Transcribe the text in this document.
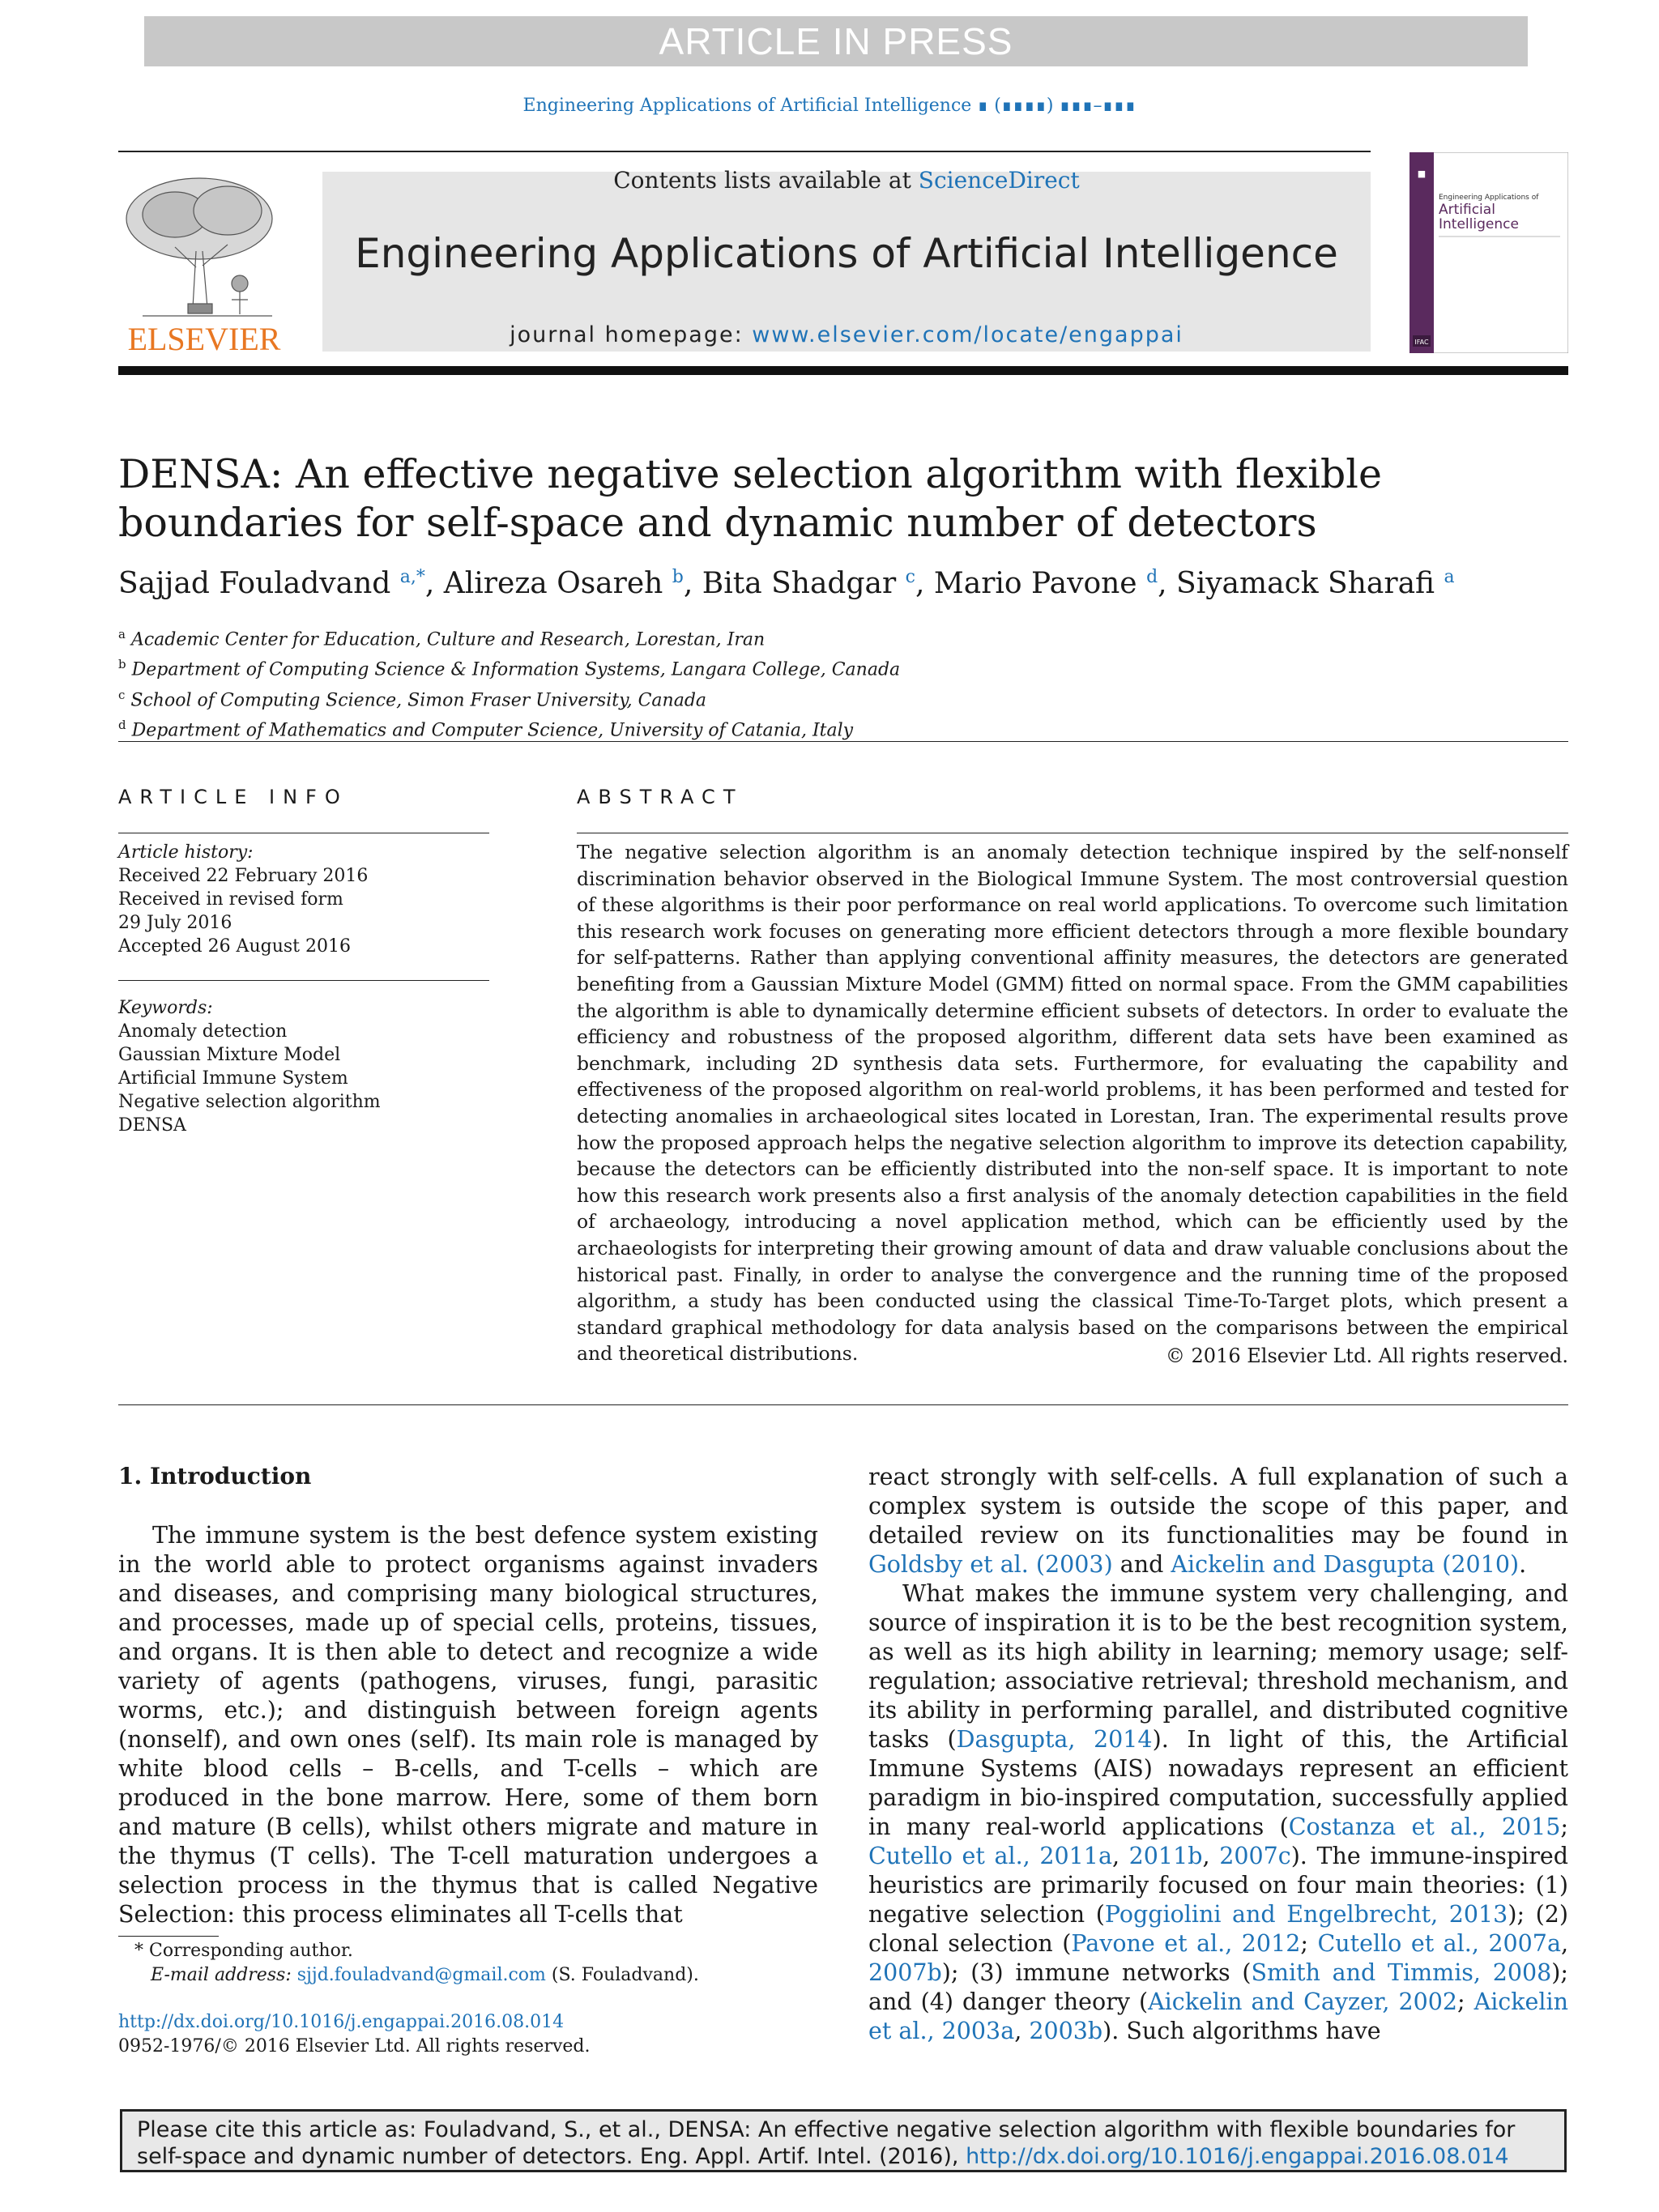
ARTICLE IN PRESS
Engineering Applications of Artificial Intelligence ∎ (∎∎∎∎) ∎∎∎–∎∎∎
ELSEVIER
Contents lists available at ScienceDirect
Engineering Applications of Artificial Intelligence
journal homepage: www.elsevier.com/locate/engappai
■
Engineering Applications of
Artificial
Intelligence
IFAC
DENSA: An effective negative selection algorithm with flexible boundaries for self-space and dynamic number of detectors
Sajjad Fouladvand $^{a,*}$, Alireza Osareh $^b$, Bita Shadgar $^c$, Mario Pavone $^d$, Siyamack Sharafi $^a$
$^a$ Academic Center for Education, Culture and Research, Lorestan, Iran
$^b$ Department of Computing Science & Information Systems, Langara College, Canada
$^c$ School of Computing Science, Simon Fraser University, Canada
$^d$ Department of Mathematics and Computer Science, University of Catania, Italy
ARTICLE INFO
Article history:
Received 22 February 2016
Received in revised form
29 July 2016
Accepted 26 August 2016
Keywords:
Anomaly detection
Gaussian Mixture Model
Artificial Immune System
Negative selection algorithm
DENSA
ABSTRACT
The negative selection algorithm is an anomaly detection technique inspired by the self-nonself discrimination behavior observed in the Biological Immune System. The most controversial question of these algorithms is their poor performance on real world applications. To overcome such limitation this research work focuses on generating more efficient detectors through a more flexible boundary for self-patterns. Rather than applying conventional affinity measures, the detectors are generated benefiting from a Gaussian Mixture Model (GMM) fitted on normal space. From the GMM capabilities the algorithm is able to dynamically determine efficient subsets of detectors. In order to evaluate the efficiency and robustness of the proposed algorithm, different data sets have been examined as benchmark, including 2D synthesis data sets. Furthermore, for evaluating the capability and effectiveness of the proposed algorithm on real-world problems, it has been performed and tested for detecting anomalies in archaeological sites located in Lorestan, Iran. The experimental results prove how the proposed approach helps the negative selection algorithm to improve its detection capability, because the detectors can be efficiently distributed into the non-self space. It is important to note how this research work presents also a first analysis of the anomaly detection capabilities in the field of archaeology, introducing a novel application method, which can be efficiently used by the archaeologists for interpreting their growing amount of data and draw valuable conclusions about the historical past. Finally, in order to analyse the convergence and the running time of the proposed algorithm, a study has been conducted using the classical Time-To-Target plots, which present a standard graphical methodology for data analysis based on the comparisons between the empirical and theoretical distributions.	© 2016 Elsevier Ltd. All rights reserved.
1. Introduction
The immune system is the best defence system existing in the world able to protect organisms against invaders and diseases, and comprising many biological structures, and processes, made up of special cells, proteins, tissues, and organs. It is then able to detect and recognize a wide variety of agents (pathogens, viruses, fungi, parasitic worms, etc.); and distinguish between foreign agents (nonself), and own ones (self). Its main role is managed by white blood cells – B-cells, and T-cells – which are produced in the bone marrow. Here, some of them born and mature (B cells), whilst others migrate and mature in the thymus (T cells). The T-cell maturation undergoes a selection process in the thymus that is called Negative Selection: this process eliminates all T-cells that
react strongly with self-cells. A full explanation of such a complex system is outside the scope of this paper, and detailed review on its functionalities may be found in Goldsby et al. (2003) and Aickelin and Dasgupta (2010).
What makes the immune system very challenging, and source of inspiration it is to be the best recognition system, as well as its high ability in learning; memory usage; self-regulation; associative retrieval; threshold mechanism, and its ability in performing parallel, and distributed cognitive tasks (Dasgupta, 2014). In light of this, the Artificial Immune Systems (AIS) nowadays represent an efficient paradigm in bio-inspired computation, successfully applied in many real-world applications (Costanza et al., 2015; Cutello et al., 2011a, 2011b, 2007c). The immune-inspired heuristics are primarily focused on four main theories: (1) negative selection (Poggiolini and Engelbrecht, 2013); (2) clonal selection (Pavone et al., 2012; Cutello et al., 2007a, 2007b); (3) immune networks (Smith and Timmis, 2008); and (4) danger theory (Aickelin and Cayzer, 2002; Aickelin et al., 2003a, 2003b). Such algorithms have
* Corresponding author.
E-mail address: sjjd.fouladvand@gmail.com (S. Fouladvand).
http://dx.doi.org/10.1016/j.engappai.2016.08.014
0952-1976/© 2016 Elsevier Ltd. All rights reserved.
Please cite this article as: Fouladvand, S., et al., DENSA: An effective negative selection algorithm with flexible boundaries for self-space and dynamic number of detectors. Eng. Appl. Artif. Intel. (2016), http://dx.doi.org/10.1016/j.engappai.2016.08.014
